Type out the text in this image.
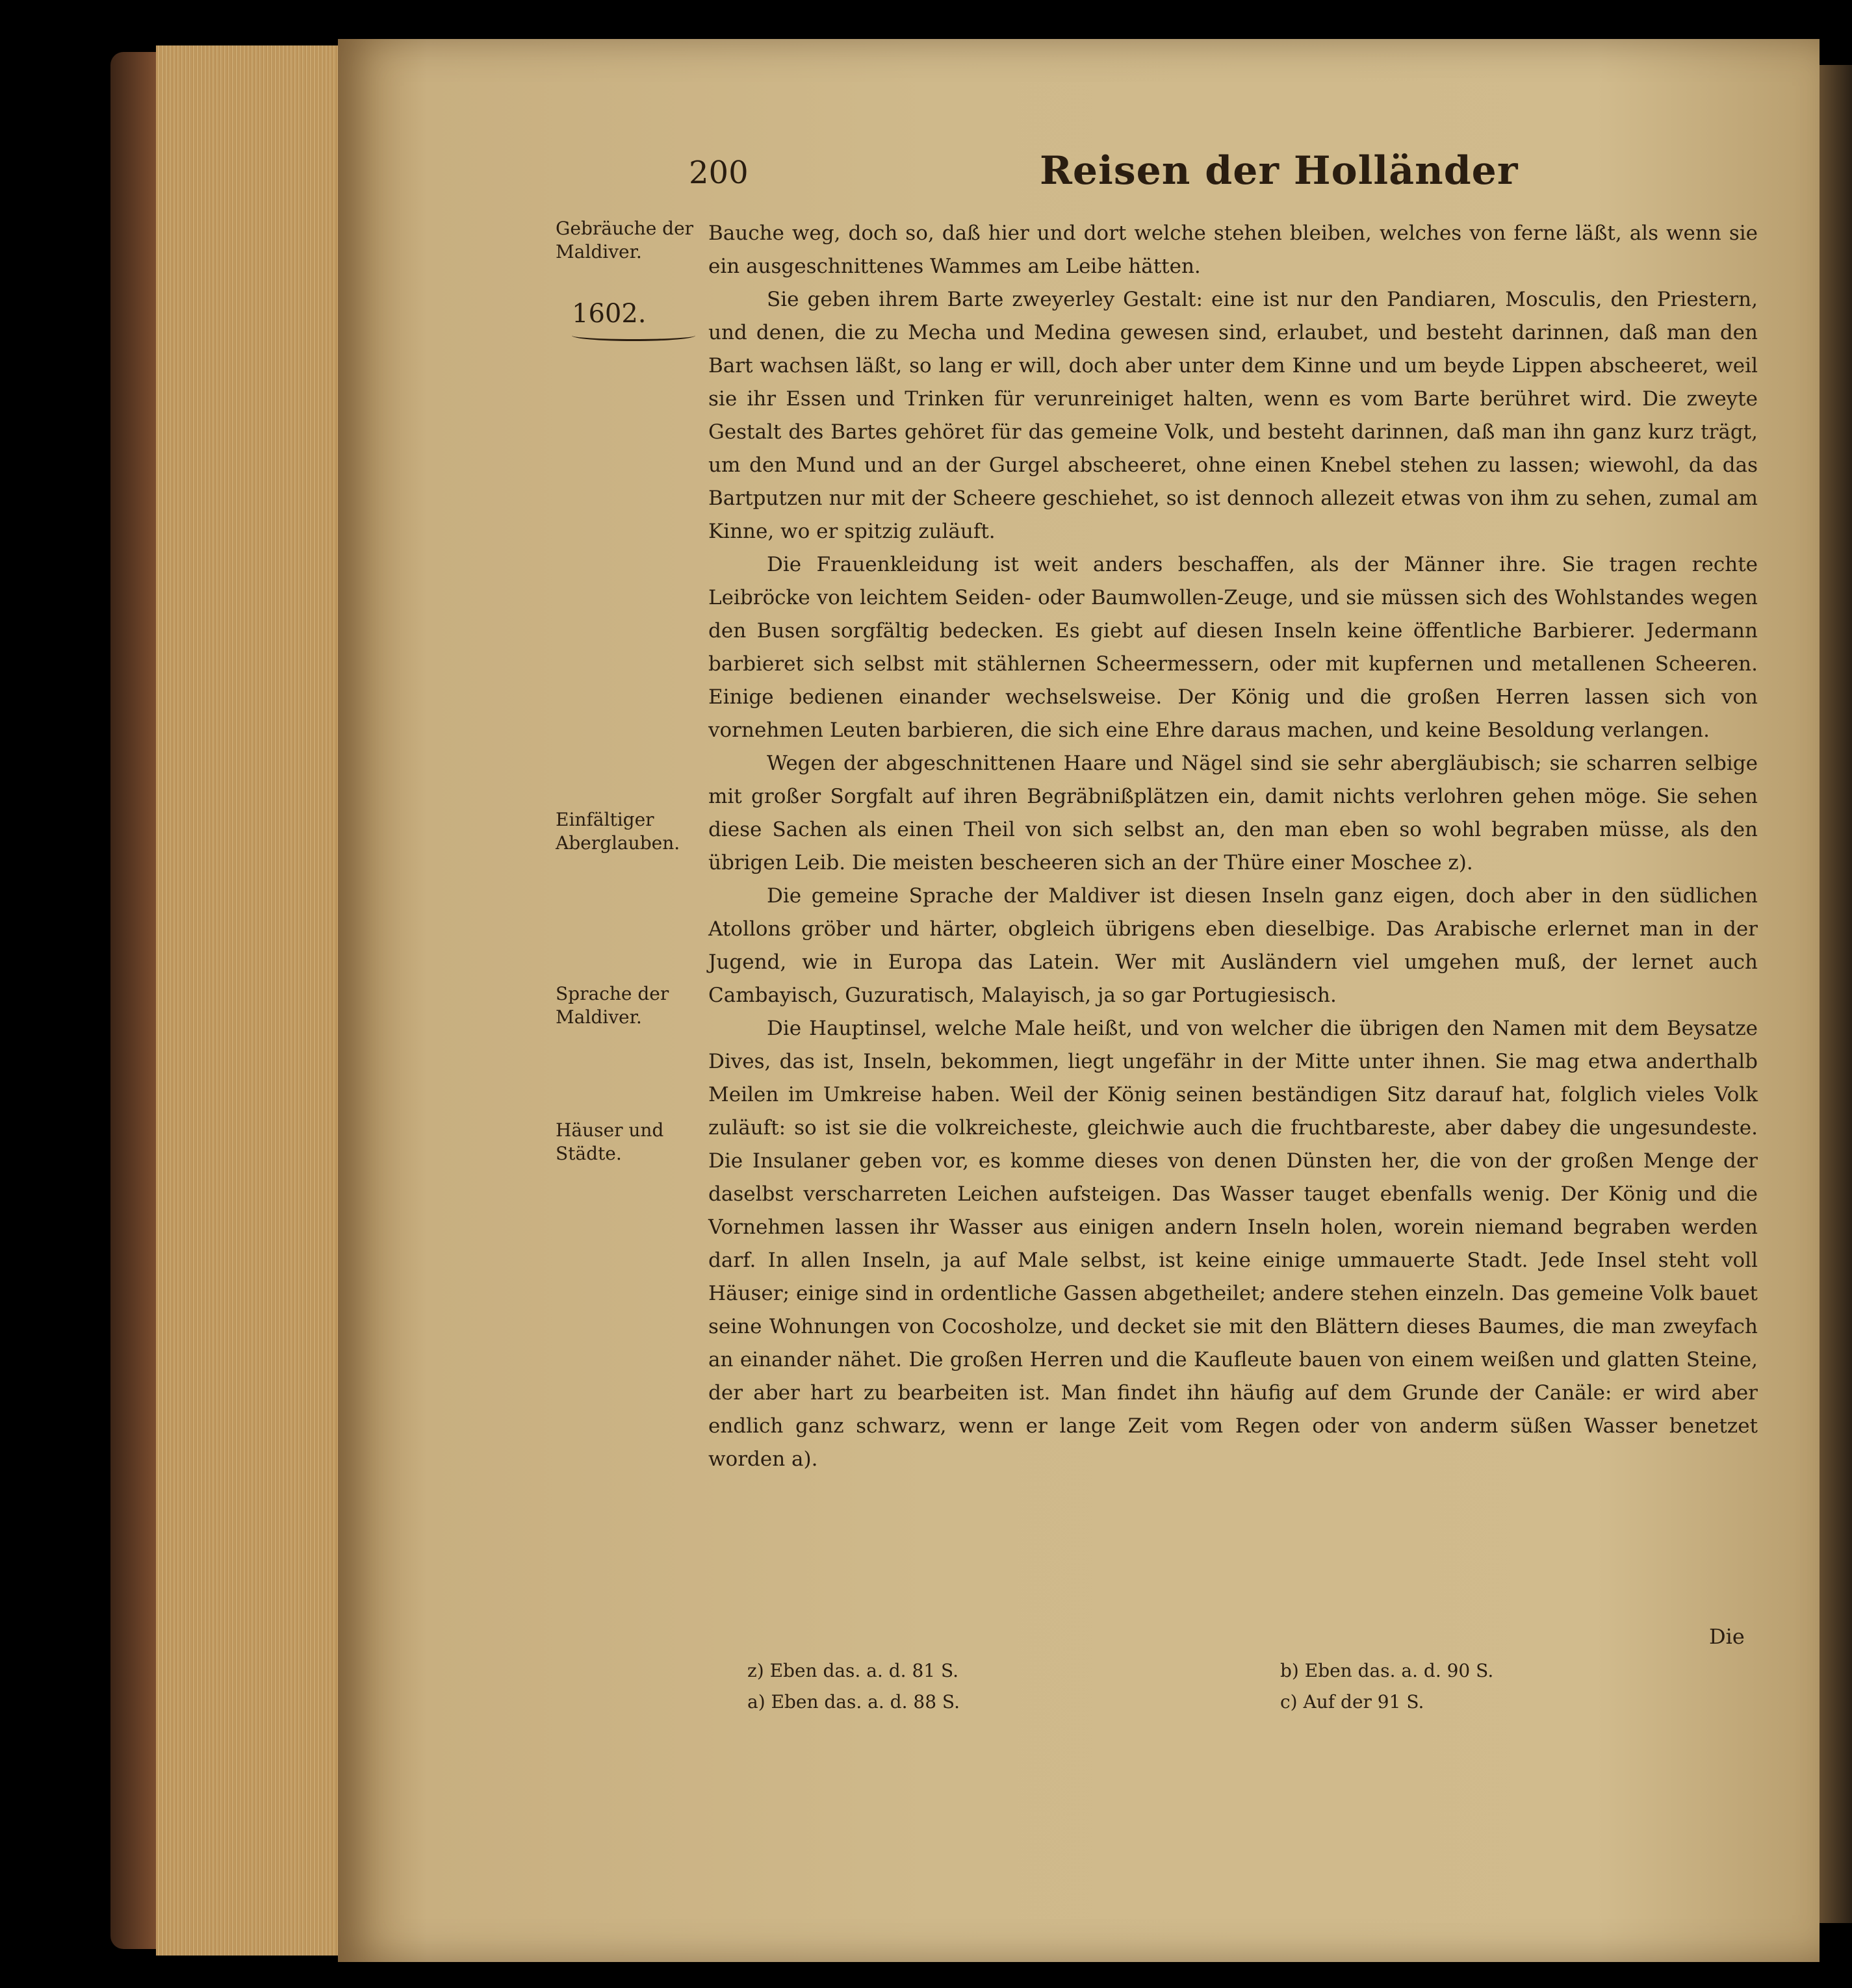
200	Reisen der Holländer
Gebräuche der Maldiver.
1602.
Einfältiger Aberglauben.
Sprache der Maldiver.
Häuser und Städte.

Bauche weg, doch so, daß hier und dort welche stehen bleiben, welches von ferne läßt, als wenn sie ein ausgeschnittenes Wammes am Leibe hätten.

Sie geben ihrem Barte zweyerley Gestalt: eine ist nur den Pandiaren, Mosculis, den Priestern, und denen, die zu Mecha und Medina gewesen sind, erlaubet, und besteht darinnen, daß man den Bart wachsen läßt, so lang er will, doch aber unter dem Kinne und um beyde Lippen abscheeret, weil sie ihr Essen und Trinken für verunreiniget halten, wenn es vom Barte berühret wird. Die zweyte Gestalt des Bartes gehöret für das gemeine Volk, und besteht darinnen, daß man ihn ganz kurz trägt, um den Mund und an der Gurgel abscheeret, ohne einen Knebel stehen zu lassen; wiewohl, da das Bartputzen nur mit der Scheere geschiehet, so ist dennoch allezeit etwas von ihm zu sehen, zumal am Kinne, wo er spitzig zuläuft.

Die Frauenkleidung ist weit anders beschaffen, als der Männer ihre. Sie tragen rechte Leibröcke von leichtem Seiden- oder Baumwollen-Zeuge, und sie müssen sich des Wohlstandes wegen den Busen sorgfältig bedecken. Es giebt auf diesen Inseln keine öffentliche Barbierer. Jedermann barbieret sich selbst mit stählernen Scheermessern, oder mit kupfernen und metallenen Scheeren. Einige bedienen einander wechselsweise. Der König und die großen Herren lassen sich von vornehmen Leuten barbieren, die sich eine Ehre daraus machen, und keine Besoldung verlangen.

Wegen der abgeschnittenen Haare und Nägel sind sie sehr abergläubisch; sie scharren selbige mit großer Sorgfalt auf ihren Begräbnißplätzen ein, damit nichts verlohren gehen möge. Sie sehen diese Sachen als einen Theil von sich selbst an, den man eben so wohl begraben müsse, als den übrigen Leib. Die meisten bescheeren sich an der Thüre einer Moschee z).

Die gemeine Sprache der Maldiver ist diesen Inseln ganz eigen, doch aber in den südlichen Atollons gröber und härter, obgleich übrigens eben dieselbige. Das Arabische erlernet man in der Jugend, wie in Europa das Latein. Wer mit Ausländern viel umgehen muß, der lernet auch Cambayisch, Guzuratisch, Malayisch, ja so gar Portugiesisch.

Die Hauptinsel, welche Male heißt, und von welcher die übrigen den Namen mit dem Beysatze Dives, das ist, Inseln, bekommen, liegt ungefähr in der Mitte unter ihnen. Sie mag etwa anderthalb Meilen im Umkreise haben. Weil der König seinen beständigen Sitz darauf hat, folglich vieles Volk zuläuft: so ist sie die volkreicheste, gleichwie auch die fruchtbareste, aber dabey die ungesundeste. Die Insulaner geben vor, es komme dieses von denen Dünsten her, die von der großen Menge der daselbst verscharreten Leichen aufsteigen. Das Wasser tauget ebenfalls wenig. Der König und die Vornehmen lassen ihr Wasser aus einigen andern Inseln holen, worein niemand begraben werden darf. In allen Inseln, ja auf Male selbst, ist keine einige ummauerte Stadt. Jede Insel steht voll Häuser; einige sind in ordentliche Gassen abgetheilet; andere stehen einzeln. Das gemeine Volk bauet seine Wohnungen von Cocosholze, und decket sie mit den Blättern dieses Baumes, die man zweyfach an einander nähet. Die großen Herren und die Kaufleute bauen von einem weißen und glatten Steine, der aber hart zu bearbeiten ist. Man findet ihn häufig auf dem Grunde der Canäle: er wird aber endlich ganz schwarz, wenn er lange Zeit vom Regen oder von anderm süßen Wasser benetzet worden a).

Die
z) Eben das. a. d. 81 S.
a) Eben das. a. d. 88 S.
b) Eben das. a. d. 90 S.
c) Auf der 91 S.
